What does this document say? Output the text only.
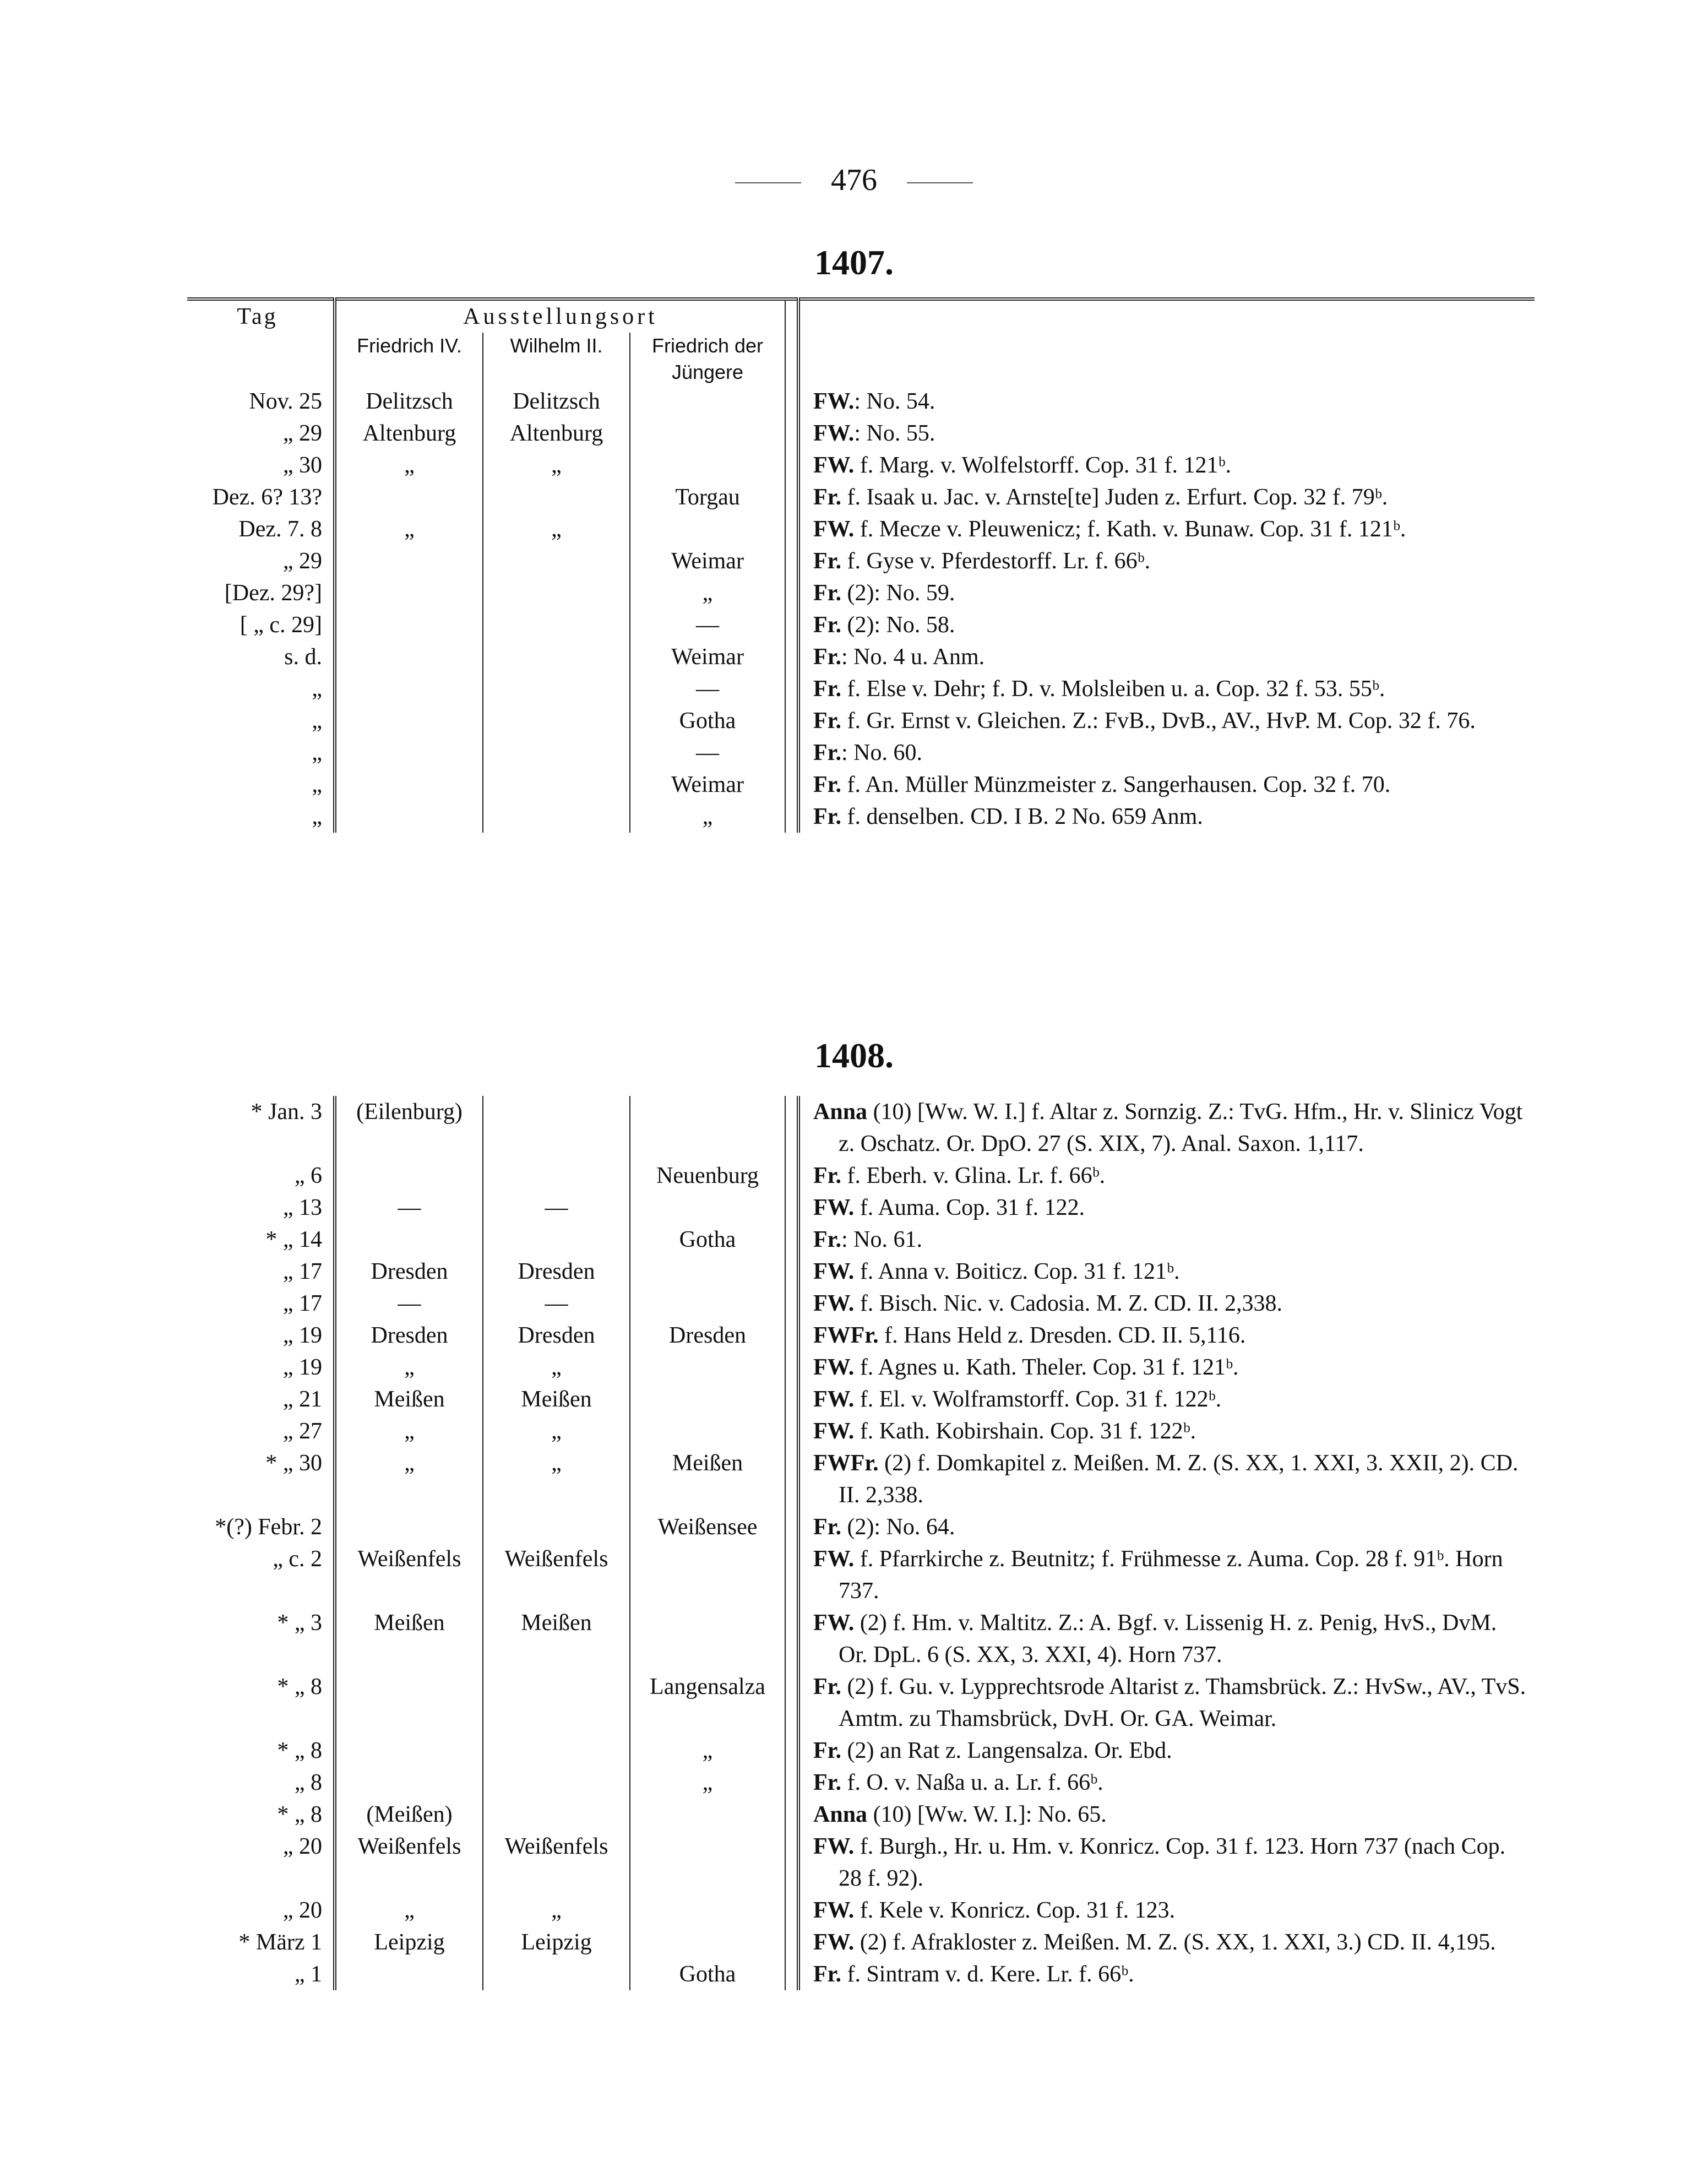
476
1407.
Tag	Ausstellungsort				
	Friedrich IV.	Wilhelm II.	Friedrich der Jüngere		
Nov. 25	Delitzsch	Delitzsch			FW.: No. 54.

„ 29	Altenburg	Altenburg			FW.: No. 55.

„ 30	„	„			FW. f. Marg. v. Wolfelstorff. Cop. 31 f. 121ᵇ.

Dez. 6? 13?			Torgau		Fr. f. Isaak u. Jac. v. Arnste[te] Juden z. Erfurt. Cop. 32 f. 79ᵇ.

Dez. 7. 8	„	„			FW. f. Mecze v. Pleuwenicz; f. Kath. v. Bunaw. Cop. 31 f. 121ᵇ.

„ 29			Weimar		Fr. f. Gyse v. Pferdestorff. Lr. f. 66ᵇ.

[Dez. 29?]			„		Fr. (2): No. 59.

[ „ c. 29]			—		Fr. (2): No. 58.

s. d.			Weimar		Fr.: No. 4 u. Anm.

„			—		Fr. f. Else v. Dehr; f. D. v. Molsleiben u. a. Cop. 32 f. 53. 55ᵇ.

„			Gotha		Fr. f. Gr. Ernst v. Gleichen. Z.: FvB., DvB., AV., HvP. M. Cop. 32 f. 76.

„			—		Fr.: No. 60.

„			Weimar		Fr. f. An. Müller Münzmeister z. Sangerhausen. Cop. 32 f. 70.

„			„		Fr. f. denselben. CD. I B. 2 No. 659 Anm.
1408.
* Jan. 3	(Eilenburg)				Anna (10) [Ww. W. I.] f. Altar z. Sornzig. Z.: TvG. Hfm., Hr. v. Slinicz Vogt z. Oschatz. Or. DpO. 27 (S. XIX, 7). Anal. Saxon. 1,117.

„ 6			Neuenburg		Fr. f. Eberh. v. Glina. Lr. f. 66ᵇ.

„ 13	—	—			FW. f. Auma. Cop. 31 f. 122.

* „ 14			Gotha		Fr.: No. 61.

„ 17	Dresden	Dresden			FW. f. Anna v. Boiticz. Cop. 31 f. 121ᵇ.

„ 17	—	—			FW. f. Bisch. Nic. v. Cadosia. M. Z. CD. II. 2,338.

„ 19	Dresden	Dresden	Dresden		FWFr. f. Hans Held z. Dresden. CD. II. 5,116.

„ 19	„	„			FW. f. Agnes u. Kath. Theler. Cop. 31 f. 121ᵇ.

„ 21	Meißen	Meißen			FW. f. El. v. Wolframstorff. Cop. 31 f. 122ᵇ.

„ 27	„	„			FW. f. Kath. Kobirshain. Cop. 31 f. 122ᵇ.

* „ 30	„	„	Meißen		FWFr. (2) f. Domkapitel z. Meißen. M. Z. (S. XX, 1. XXI, 3. XXII, 2). CD. II. 2,338.

*(?) Febr. 2			Weißensee		Fr. (2): No. 64.

„ c. 2	Weißenfels	Weißenfels			FW. f. Pfarrkirche z. Beutnitz; f. Frühmesse z. Auma. Cop. 28 f. 91ᵇ. Horn 737.

* „ 3	Meißen	Meißen			FW. (2) f. Hm. v. Maltitz. Z.: A. Bgf. v. Lissenig H. z. Penig, HvS., DvM. Or. DpL. 6 (S. XX, 3. XXI, 4). Horn 737.

* „ 8			Langensalza		Fr. (2) f. Gu. v. Lypprechtsrode Altarist z. Thamsbrück. Z.: HvSw., AV., TvS. Amtm. zu Thamsbrück, DvH. Or. GA. Weimar.

* „ 8			„		Fr. (2) an Rat z. Langensalza. Or. Ebd.

„ 8			„		Fr. f. O. v. Naßa u. a. Lr. f. 66ᵇ.

* „ 8	(Meißen)				Anna (10) [Ww. W. I.]: No. 65.

„ 20	Weißenfels	Weißenfels			FW. f. Burgh., Hr. u. Hm. v. Konricz. Cop. 31 f. 123. Horn 737 (nach Cop. 28 f. 92).

„ 20	„	„			FW. f. Kele v. Konricz. Cop. 31 f. 123.

* März 1	Leipzig	Leipzig			FW. (2) f. Afrakloster z. Meißen. M. Z. (S. XX, 1. XXI, 3.) CD. II. 4,195.

„ 1			Gotha		Fr. f. Sintram v. d. Kere. Lr. f. 66ᵇ.
